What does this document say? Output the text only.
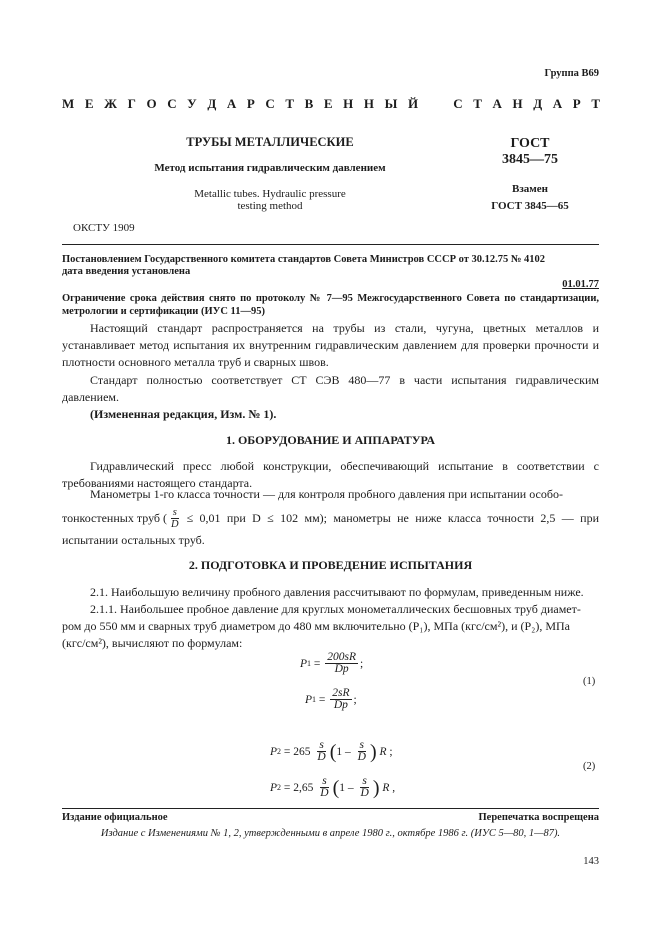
Группа В69
М Е Ж Г О С У Д А Р С Т В Е Н Н Ы Й	С Т А Н Д А Р Т
ТРУБЫ МЕТАЛЛИЧЕСКИЕ
Метод испытания гидравлическим давлением
Metallic tubes. Hydraulic pressure
testing method
ГОСТ
3845—75
Взамен
ГОСТ 3845—65
ОКСТУ 1909
Постановлением Государственного комитета стандартов Совета Министров СССР от 30.12.75 № 4102
дата введения установлена
01.01.77
Ограничение срока действия снято по протоколу № 7—95 Межгосударственного Совета по стандартизации, метрологии и сертификации (ИУС 11—95)
Настоящий стандарт распространяется на трубы из стали, чугуна, цветных металлов и устанавливает метод испытания их внутренним гидравлическим давлением для проверки прочности и плотности основного металла труб и сварных швов.
Стандарт полностью соответствует СТ СЭВ 480—77 в части испытания гидравлическим давлением.
(Измененная редакция, Изм. № 1).
1. ОБОРУДОВАНИЕ И АППАРАТУРА
Гидравлический пресс любой конструкции, обеспечивающий испытание в соответствии с требованиями настоящего стандарта.
Манометры 1-го класса точности — для контроля пробного давления при испытании особо-
тонкостенных труб ( $\frac{s}{D} \le 0,01$ при D ≤ 102 мм); манометры не ниже класса точности 2,5 — при
испытании остальных труб.
2. ПОДГОТОВКА И ПРОВЕДЕНИЕ ИСПЫТАНИЯ
2.1. Наибольшую величину пробного давления рассчитывают по формулам, приведенным ниже.
2.1.1. Наибольшее пробное давление для круглых монометаллических бесшовных труб диамет-
ром до 550 мм и сварных труб диаметром до 480 мм включительно (P₁), МПа (кгс/см²), и (P₂), МПа
(кгс/см²), вычисляют по формулам:
P $1 = \frac{200sR}{Dр}$ ;
P $1 = \frac{2sR}{Dр}$ ;
(1)
P $2 = 265 \frac{s}{D}$ ( $1 - \frac{s}{D}$ )
R ;
P $2 = 2,65 \frac{s}{D}$ ( $1 - \frac{s}{D}$ )
R ,
(2)
Издание официальное	Перепечатка воспрещена
Издание с Изменениями № 1, 2, утвержденными в апреле 1980 г., октябре 1986 г. (ИУС 5—80, 1—87).
143
